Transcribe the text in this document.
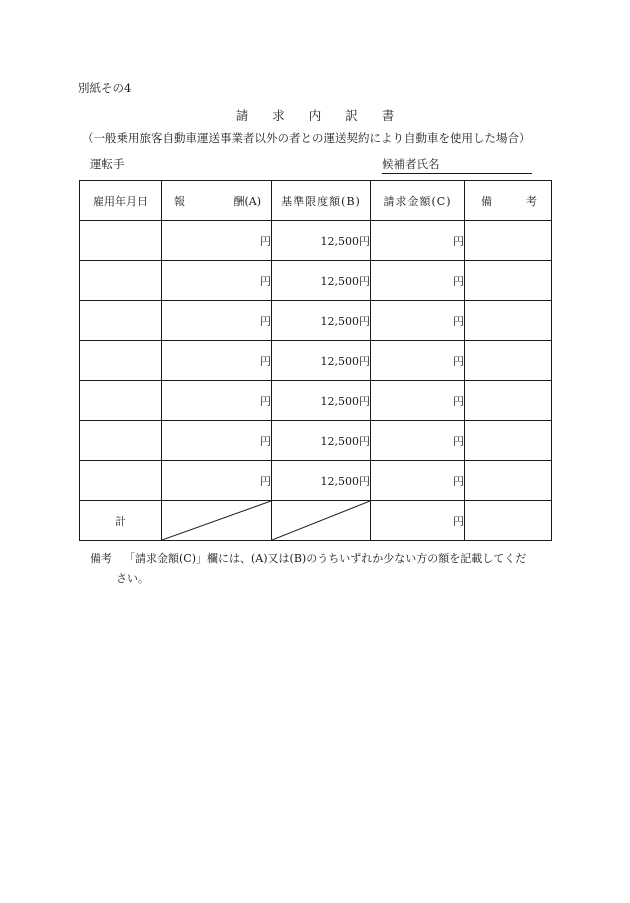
別紙その4
請求内訳書
（一般乗用旅客自動車運送事業者以外の者との運送契約により自動車を使用した場合）
運転手	候補者氏名
雇用年月日	報 酬(A)	基準限度額(B)	請求金額(C)	備 考

	円	12,500円	円	
	円	12,500円	円	
	円	12,500円	円	
	円	12,500円	円	
	円	12,500円	円	
	円	12,500円	円	
	円	12,500円	円	
計			円	
備考 「請求金額(C)」欄には、(A)又は(B)のうちいずれか少ない方の額を記載してくだ
さい。
